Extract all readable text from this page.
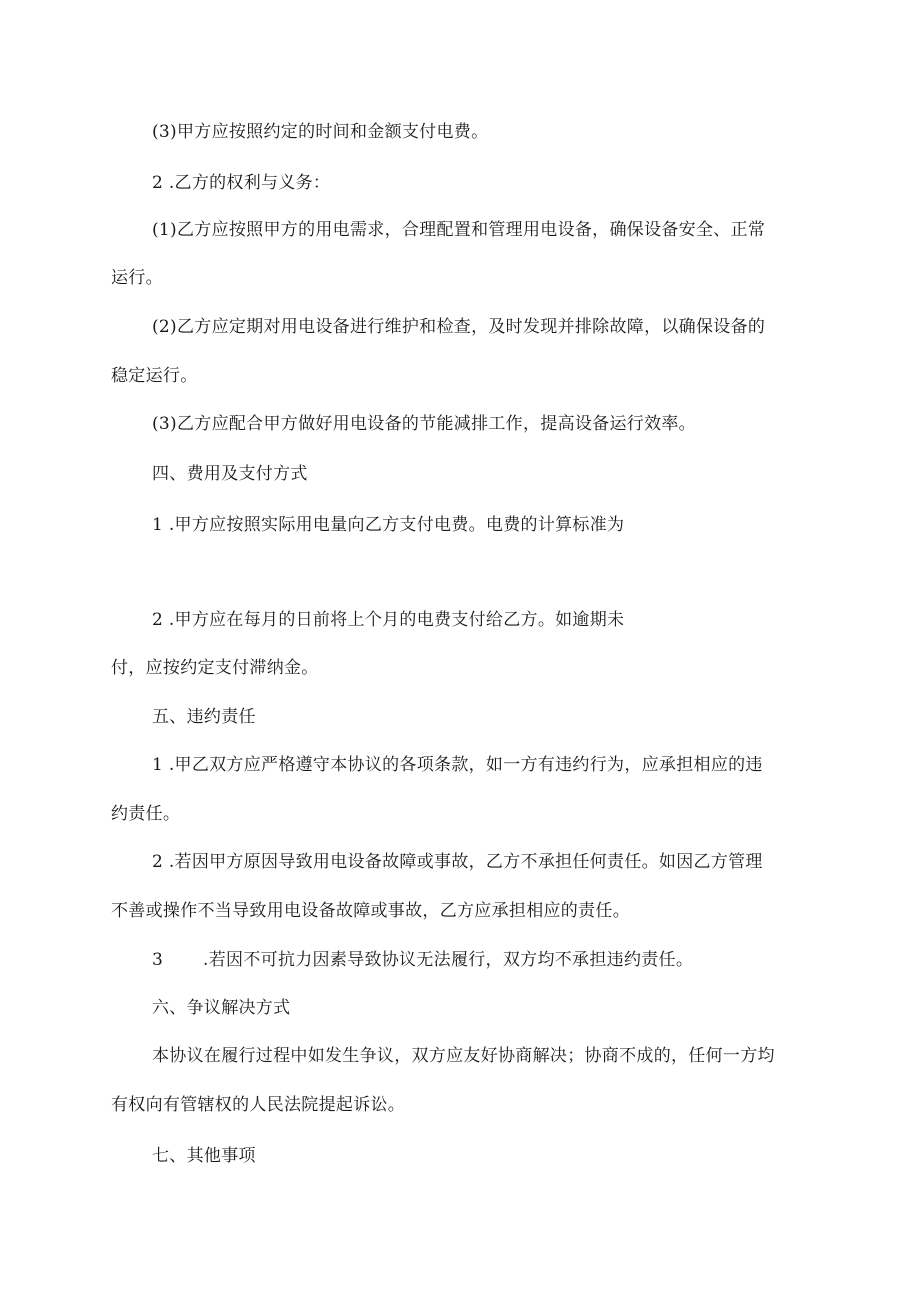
(3)甲方应按照约定的时间和金额支付电费。
2 .乙方的权利与义务：
(1)乙方应按照甲方的用电需求，合理配置和管理用电设备，确保设备安全、正常
运行。
(2)乙方应定期对用电设备进行维护和检查，及时发现并排除故障，以确保设备的
稳定运行。
(3)乙方应配合甲方做好用电设备的节能减排工作，提高设备运行效率。
四、费用及支付方式
1 .甲方应按照实际用电量向乙方支付电费。电费的计算标准为
2 .甲方应在每月的日前将上个月的电费支付给乙方。如逾期未
付，应按约定支付滞纳金。
五、违约责任
1 .甲乙双方应严格遵守本协议的各项条款，如一方有违约行为，应承担相应的违
约责任。
2 .若因甲方原因导致用电设备故障或事故，乙方不承担任何责任。如因乙方管理
不善或操作不当导致用电设备故障或事故，乙方应承担相应的责任。
3       .若因不可抗力因素导致协议无法履行，双方均不承担违约责任。
六、争议解决方式
本协议在履行过程中如发生争议，双方应友好协商解决；协商不成的，任何一方均
有权向有管辖权的人民法院提起诉讼。
七、其他事项
